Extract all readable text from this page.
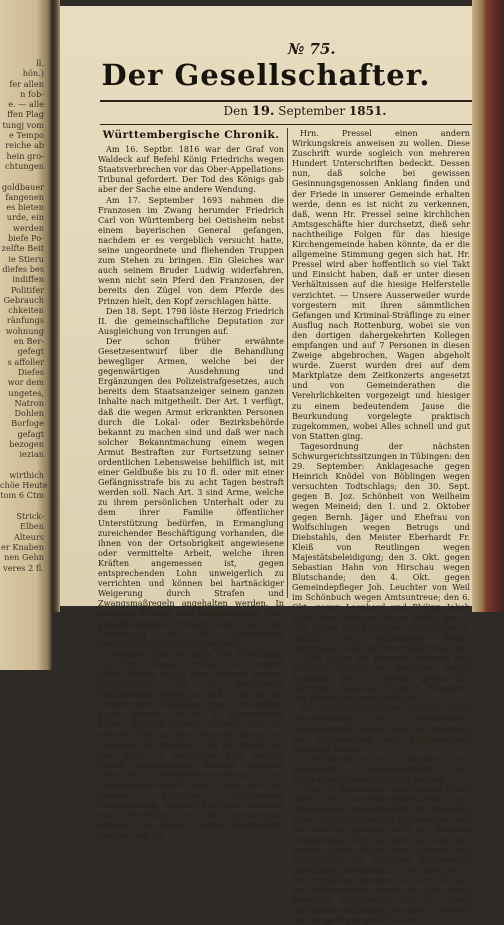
ll.
hön.)
fer allen
n fob-
e. — alle
ffen Plag
tungj vom
e Tempo
reiche ab
hein gro-
chtungen

goldbauer
fangenen
es bieten
urde, ein
werden
biefe Po-
zelfte Beit
ie Stieru
diefes bes
indiffen
Politifer
Gebrauch
chkeiten
ränfungs
wohnung
en Ber-
gefegt
s affoller
Diefes
wor dem
ungetes,
Natron
Dohlen
Borfoge
gefagt
bezogen
iezian

wirthich
chöe Heute
tom 6 Ctm

Strick-
Elben
Alteurs
er Knaben
nen Gehn
veres 2 fl.
№ 75.
Der Gesellschafter.
Den 19. September 1851.
Württembergische Chronik.

Am 16. Septbr. 1816 war der Graf von Waldeck auf Befehl König Friedrichs wegen Staatsverbrechen vor das Ober-Appellations-Tribunal gefordert. Der Tod des Königs gab aber der Sache eine andere Wendung.

Am 17. September 1693 nahmen die Franzosen im Zwang herumder Friedrich Carl von Württemberg bei Oetisheim nebst einem bayerischen General gefangen, nachdem er es vergeblich versucht hatte, seine ungeordnete und fliehenden Truppen zum Stehen zu bringen. Ein Gleiches war auch seinem Bruder Ludwig widerfahren, wenn nicht sein Pferd den Franzosen, der bereits den Zügel von dem Pferde des Prinzen hielt, den Kopf zerschlagen hätte.

Den 18. Sept. 1798 löste Herzog Friedrich II. die gemeinschaftliche Deputation zur Ausgleichung von Irrungen auf.

Der schon früher erwähnte Gesetzesentwurf über die Behandlung bewegliger Armen, welche bei der gegenwärtigen Ausdehnung und Ergänzungen des Polizeistrafgesetzes, auch bereits dem Staatsanzeiger seinem ganzen Inhalte nach mitgetheilt. Der Art. 1 verfügt, daß die wegen Armut erkrankten Personen durch die Lokal- oder Bezirksbehörde bekannt zu machen sind und daß wer nach solcher Bekanntmachung einem wegen Armut Bestraften zur Fortsetzung seiner ordentlichen Lebensweise behilflich ist, mit einer Geldbuße bis zu 10 fl. oder mit einer Gefängnisstrafe bis zu acht Tagen bestraft werden soll. Nach Art. 3 sind Arme, welche zu ihrem persönlichen Unterhalt oder zu dem ihrer Familie öffentlicher Unterstützung bedürfen, in Ermanglung zureichender Beschäftigung vorhanden, die ihnen von der Ortsobrigkeit angewiesene oder vermittelte Arbeit, welche ihren Kräften angemessen ist, gegen entsprechenden Lohn unweigerlich zu verrichten und können bei hartnäckiger Weigerung durch Strafen und Zwangsmaßregeln angehalten werden. In weiteren Artikeln sind Bestimmungen über gewerbsmäßiges Betteln und über die Einweisung in die polizeilichen Beschäftigungsanstalten gegeben.

Tübingen, den 16. Sept. Die Erwerbung von Hrn. Theodor Pressel zum zweiten Helfer dahier hat in allen Kreisen unserer Bürgerschaft eine so bedeutende Mißstimmung erregt, so daß nicht nur die bürgerlichen Kollegien eine Vorstellung gegen dieselbe an das K. Konsistorium haben abgehen lassen, sondern auch Hr. Pressel selbst in einer Zuschrift darum, im Interesse des Friedens und der Sache auf eine Stelle zu verzichten. Eine gestern Abend veranstaltete, äußerst zahlreich besuchte Bürgerversammlung im Ammermüller'schen Saale war nur bei diesem Schritten vollkommen einverstanden, sondern beschloß, ebenfalls eine Vorstellung an das Konsistorium abgehen zu lassen, worin beabsichtigt werden, daß Hr.

Hrn. Pressel einen andern Wirkungskreis anweisen zu wollen. Diese Zuschrift wurde sogleich von mehreren Hundert Unterschriften bedeckt. Dessen nun, daß solche bei gewissen Gesinnungsgenossen Anklang finden und der Friede in unserer Gemeinde erhalten werde, denn es ist nicht zu verkennen, daß, wenn Hr. Pressel seine kirchlichen Amtsgeschäfte hier durchsetzt, dieß sehr nachtheilige Folgen für das hiesige Kirchengemeinde haben könnte, da er die allgemeine Stimmung gegen sich hat. Hr. Pressel wird aber hoffentlich so viel Takt und Einsicht haben, daß er unter diesen Verhältnissen auf die hiesige Helferstelle verzichtet. — Unsere Ausserweiler wurde vorgestern mit ihren sämmtlichen Gefangen und Kriminal-Sträflinge zu einer Ausflug nach Rottenburg, wobei sie von den dortigen dahergekehrten Kollegen empfangen und auf 7 Personen in diesen Zweige abgebrochen, Wagen abgeholt wurde. Zuerst wurden drei auf dem Marktplatze dem Zeitkonzerts angesetzt und von Gemeinderathen die Verehrlichkeiten vorgezeigt und hiesiger zu einem bedeutendem Jause die Beurkundung vorgelegte praktisch zugekommen, wobei Alles schnell und gut von Statten ging.

Tagesordnung der nächsten Schwurgerichtssitzungen in Tübingen: den 29. September: Anklagesache gegen Heinrich Knödel von Böblingen wegen versuchten Todtschlags; den 30. Sept. gegen B. Joz. Schönheit von Weilheim wegen Meineid; den 1. und 2. Oktober gegen Bernh. Jäger und Ehefrau von Wolfschlugen wegen Betrugs und Diebstahls, den Meister Eberhardt Fr. Kleiß von Reutlingen wegen Majestätsbeleidigung; den 3. Okt. gegen Sebastian Hahn von Hirschau wegen Blutschande; den 4. Okt. gegen Gemeindepfleger Joh. Leuchter von Weil im Schönbuch wegen Amtsuntreue; den 6. Okt. gegen Leonhard und Philipp Jakob Kraus von Tübingen wegen Raubs; den 7. Okt. gegen den flüchtigen Amtspfleger A. Fischer von Rottenburg wegen Rechnungs- und Rechtsverfälschung; den 7. Okt. gegen die Johannes Andreas und Johannes Walker von Dettingen wegen Aufruhrs; den 7. Oktober gegen den flüchtigen Stadtrath Heinrich Schweizer von Nürtingen wegen Aufruhrs.

Die Zuwiderhandlungen sollten einige Beschränkung der vorzuwehnen, wahrscheinlich durch einen an Münstern des Postmonopols der Pferdewechsel unterlegt werden.

In Heilbronn ist vom 1. Oktober an ein allgemeiner Haussekretariat- und Fahrkartenbureaux errichtet worden.

Ulm, 15. September. Heute wurde in der Mitte der Gottesdienstbesucher und Graubringer untergebracht. Die Mehrzahl dieser Getreide, kann, in Kornmärkten, auf mit welcher Sprache nicht die fünferen Chlinderzüge. Wie man hört, so wurde der zweite schon längst den Zustand der Zeitigungen des Mehrerer kommenden Jahrgänge geschmückt. Es ist fast nur in drei trockenen Wochen, wo sich Ulm mit den bekanntesten Orten, wo der schon besetzten Hauptmann lebt zu seinen Nachbaren verbunden, wie man in Zukunft den Ausgeflügen gehört wurde.
